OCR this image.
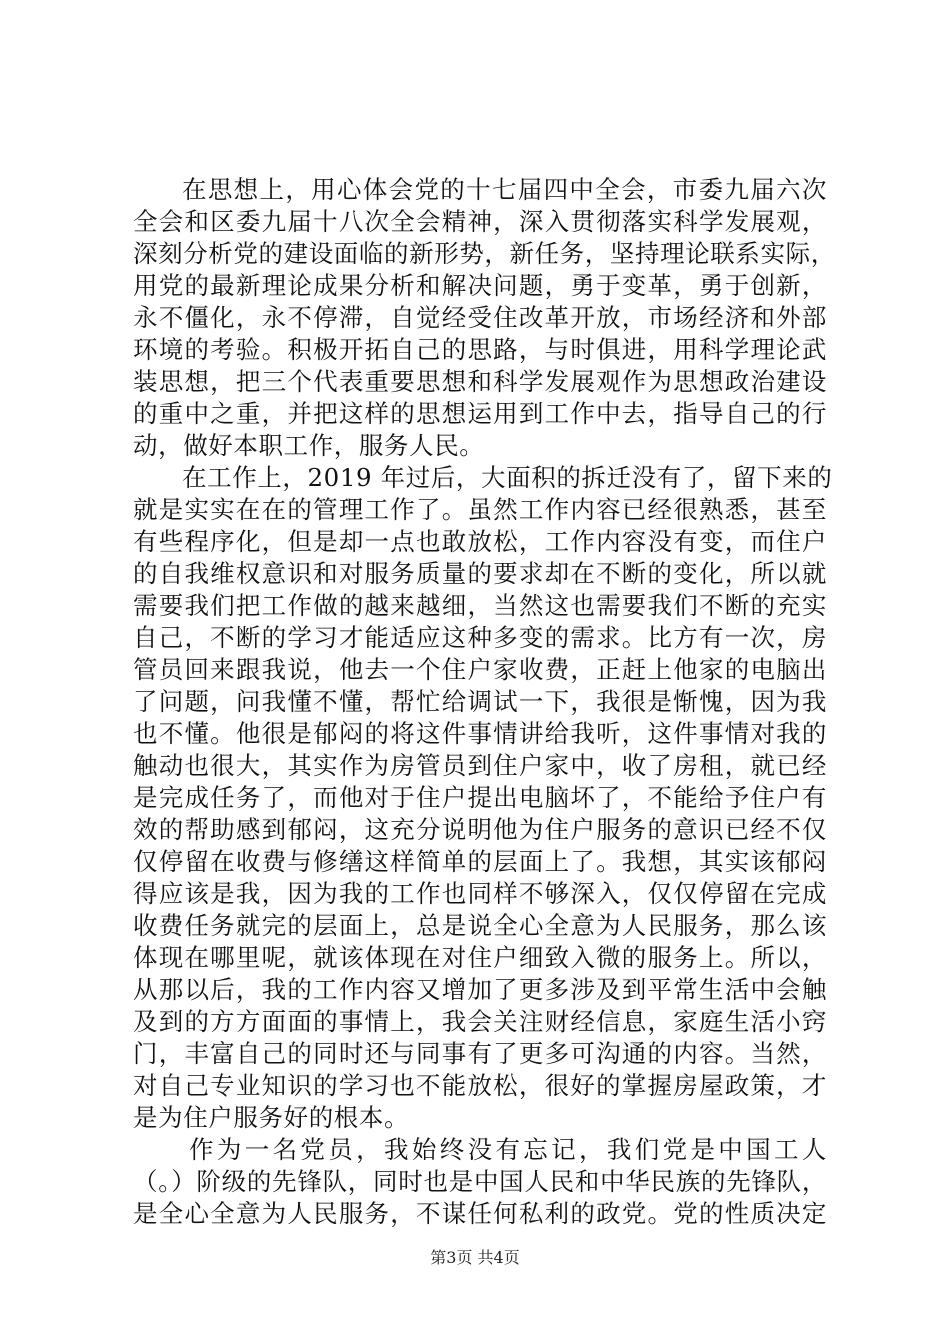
在思想上，用心体会党的十七届四中全会，市委九届六次
全会和区委九届十八次全会精神，深入贯彻落实科学发展观，
深刻分析党的建设面临的新形势，新任务，坚持理论联系实际，
用党的最新理论成果分析和解决问题，勇于变革，勇于创新，
永不僵化，永不停滞，自觉经受住改革开放，市场经济和外部
环境的考验。积极开拓自己的思路，与时俱进，用科学理论武
装思想，把三个代表重要思想和科学发展观作为思想政治建设
的重中之重，并把这样的思想运用到工作中去，指导自己的行
动，做好本职工作，服务人民。
在工作上，2019 年过后，大面积的拆迁没有了，留下来的
就是实实在在的管理工作了。虽然工作内容已经很熟悉，甚至
有些程序化，但是却一点也敢放松，工作内容没有变，而住户
的自我维权意识和对服务质量的要求却在不断的变化，所以就
需要我们把工作做的越来越细，当然这也需要我们不断的充实
自己，不断的学习才能适应这种多变的需求。比方有一次，房
管员回来跟我说，他去一个住户家收费，正赶上他家的电脑出
了问题，问我懂不懂，帮忙给调试一下，我很是惭愧，因为我
也不懂。他很是郁闷的将这件事情讲给我听，这件事情对我的
触动也很大，其实作为房管员到住户家中，收了房租，就已经
是完成任务了，而他对于住户提出电脑坏了，不能给予住户有
效的帮助感到郁闷，这充分说明他为住户服务的意识已经不仅
仅停留在收费与修缮这样简单的层面上了。我想，其实该郁闷
得应该是我，因为我的工作也同样不够深入，仅仅停留在完成
收费任务就完的层面上，总是说全心全意为人民服务，那么该
体现在哪里呢，就该体现在对住户细致入微的服务上。所以，
从那以后，我的工作内容又增加了更多涉及到平常生活中会触
及到的方方面面的事情上，我会关注财经信息，家庭生活小窍
门，丰富自己的同时还与同事有了更多可沟通的内容。当然，
对自己专业知识的学习也不能放松，很好的掌握房屋政策，才
是为住户服务好的根本。
作为一名党员，我始终没有忘记，我们党是中国工人
（。）阶级的先锋队，同时也是中国人民和中华民族的先锋队，
是全心全意为人民服务，不谋任何私利的政党。党的性质决定
第3页 共4页
